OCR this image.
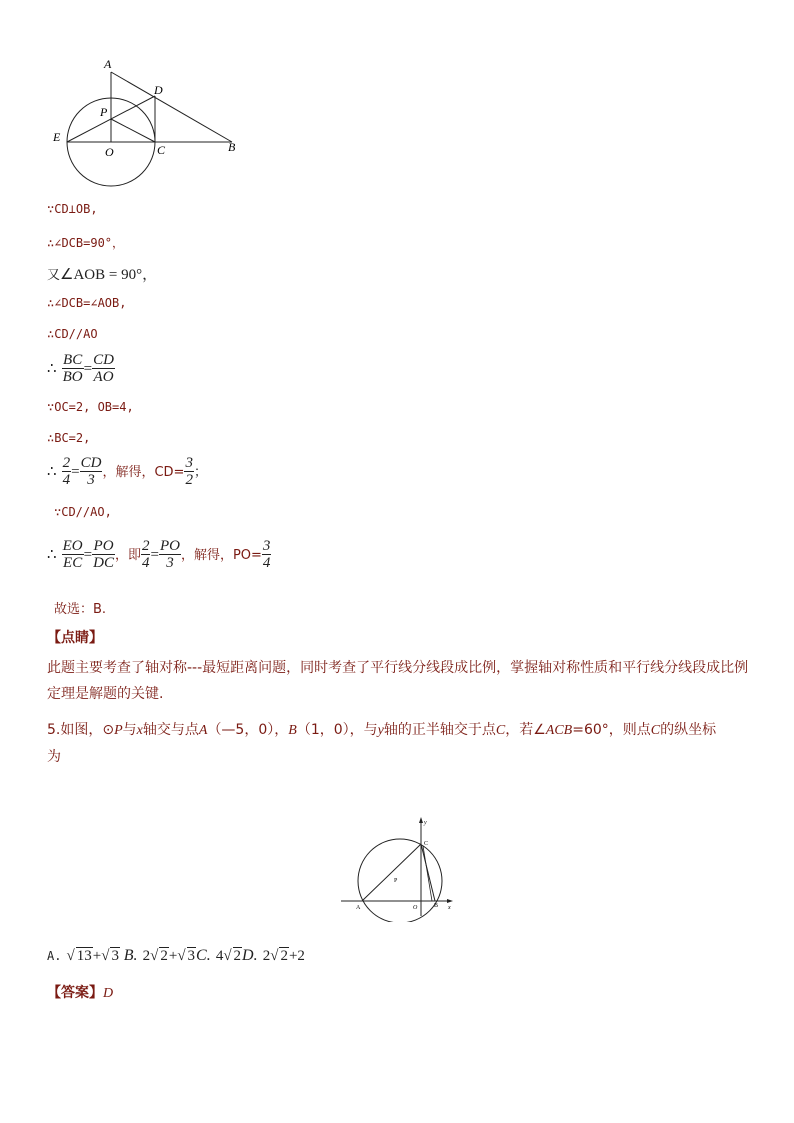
A
D
P
E
O	C	B
∵CD⊥OB,
∴∠DCB=90°，
又∠AOB = 90°，
∴∠DCB=∠AOB,
∴CD//AO
∴ $\frac{BC}{BO} = \frac{CD}{AO}$
∵OC=2, OB=4,
∴BC=2,
∴ $\frac{2}{4} = \frac{CD}{3}$ ，解得，$CD= \frac{3}{2}$ ；
∵CD//AO,
∴ $\frac{EO}{EC} = \frac{PO}{DC}$ ，即 $\frac{2}{4} = \frac{PO}{3}$ ，解得，$PO= \frac{3}{4}$
故选：B.
【点睛】
此题主要考查了轴对称---最短距离问题，同时考查了平行线分线段成比例，掌握轴对称性质和平行线分线段成比例定理是解题的关键.
5.如图，⊙P与x轴交与点A（—5，0），B（1，0），与y轴的正半轴交于点C，若∠ACB=60°，则点C的纵坐标
为
y
C
P
A	O	B x
A. √ 13+√ 3 B. 2√ 2+√ 3C. 4√ 2D. 2√ 2+2
【答案】D
